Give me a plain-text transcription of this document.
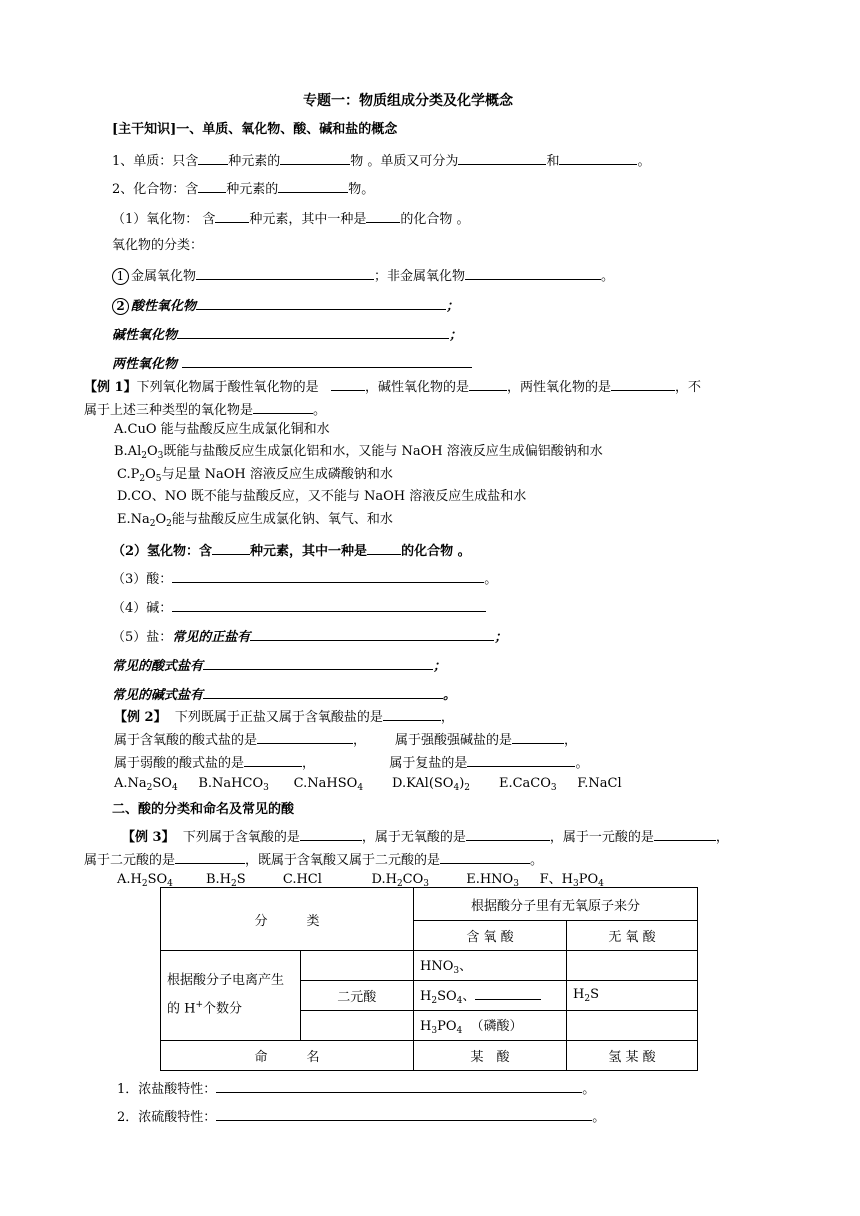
专题一：物质组成分类及化学概念
[主干知识]一、单质、氧化物、酸、碱和盐的概念
1、单质：只含 种元素的	物 。单质又可分为	和	。
2、化合物：含 种元素的	物。
（1）氧化物： 含	种元素，其中一种是	的化合物 。
氧化物的分类：
1 金属氧化物	；非金属氧化物	。
2 酸性氧化物	；
碱性氧化物	；
两性氧化物
【例 1】下列氧化物属于酸性氧化物的是	，碱性氧化物的是	，两性氧化物的是	，不
属于上述三种类型的氧化物是	。
A.CuO 能与盐酸反应生成氯化铜和水
$B.Al_2O_3$既能与盐酸反应生成氯化铝和水，又能与 NaOH 溶液反应生成偏铝酸钠和水
$C.P_2O_5$与足量 NaOH 溶液反应生成磷酸钠和水
D.CO、NO 既不能与盐酸反应，又不能与 NaOH 溶液反应生成盐和水
$E.Na_2O_2$能与盐酸反应生成氯化钠、氧气、和水
（2）氢化物：含	种元素，其中一种是	的化合物 。
（3）酸：	。
（4）碱：
（5）盐：常见的正盐有	；
常见的酸式盐有	；
常见的碱式盐有	。
【例 2】 下列既属于正盐又属于含氧酸盐的是	，
属于含氧酸的酸式盐的是	， 属于强酸强碱盐的是	，
属于弱酸的酸式盐的是	，	属于复盐的是	。
$A.Na_2SO_4$ B.NaHCO$_3$ C.NaHSO$_4$ $D.KAl(SO_4)_2$ E.CaCO$_3$ F.NaCl
二、酸的分类和命名及常见的酸
【例 3】 下列属于含氧酸的是	，属于无氧酸的是	，属于一元酸的是	，
属于二元酸的是	，既属于含氧酸又属于二元酸的是	。
$A.H_2SO_4$	$B.H_2S$	C.HCl	$D.H_2CO_3$	$E.HNO_3$ F、$H_3PO_4$
分　　　类		根据酸分子里有无氧原子来分	
		含 氧 酸	无 氧 酸
根据酸分子电离产生的 H+个数分		$HNO_3$、	
	二元酸	$H_2SO_4$、	$H_2S$
		$H_3PO_4$ （磷酸）	
命　　　名		某　酸	氢 某 酸
1．浓盐酸特性：	。
2．浓硫酸特性：	。
